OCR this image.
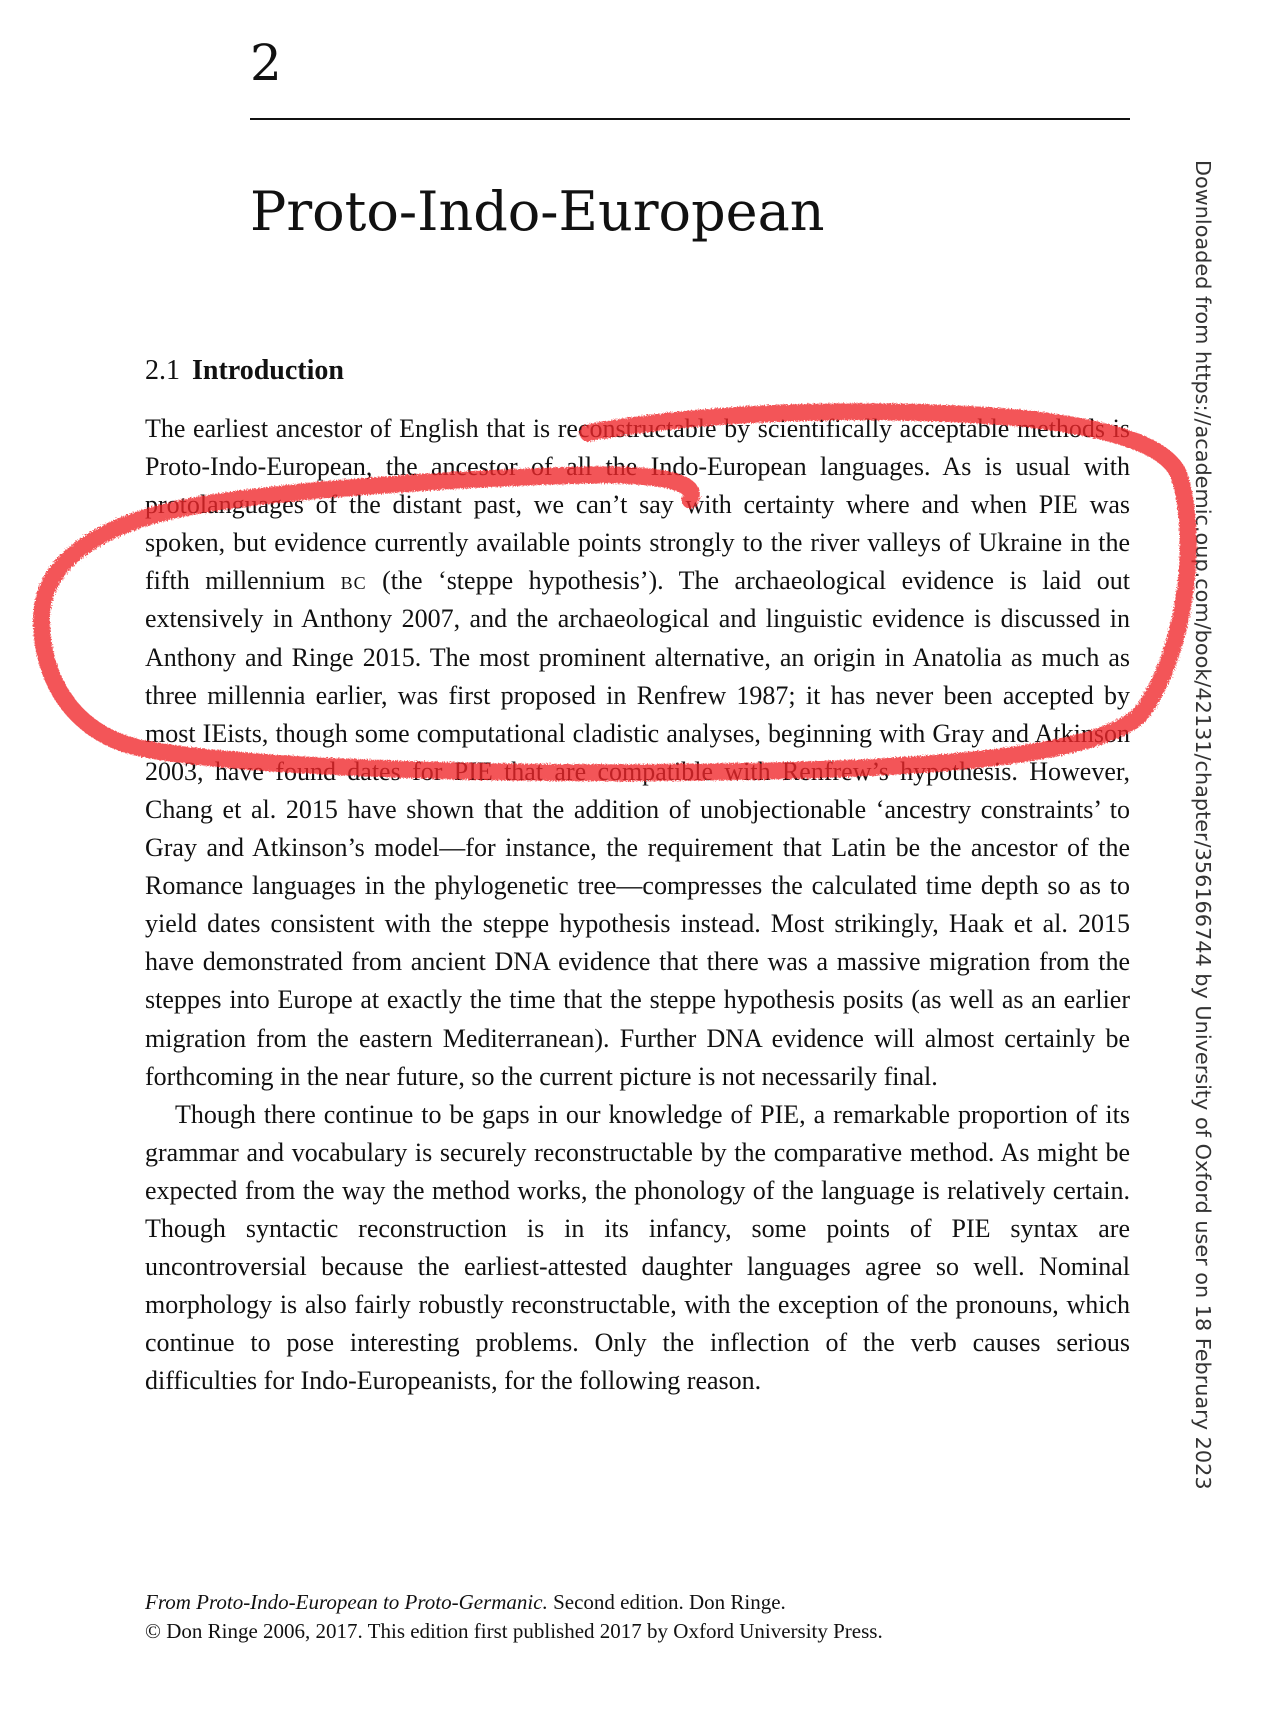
2
Proto-Indo-European
2.1 Introduction

The earliest ancestor of English that is reconstructable by scientifically acceptable methods is Proto-Indo-European, the ancestor of all the Indo-European languages. As is usual with protolanguages of the distant past, we can’t say with certainty where and when PIE was spoken, but evidence currently available points strongly to the river valleys of Ukraine in the fifth millennium bc (the ‘steppe hypothesis’). The archaeological evidence is laid out extensively in Anthony 2007, and the archaeological and linguistic evidence is discussed in Anthony and Ringe 2015. The most prominent alternative, an origin in Anatolia as much as three millennia earlier, was first proposed in Renfrew 1987; it has never been accepted by most IEists, though some computational cladistic analyses, beginning with Gray and Atkinson 2003, have found dates for PIE that are compatible with Renfrew’s hypothesis. However, Chang et al. 2015 have shown that the addition of unobjectionable ‘ancestry constraints’ to Gray and Atkinson’s model—for instance, the requirement that Latin be the ancestor of the Romance languages in the phylogenetic tree—compresses the calculated time depth so as to yield dates consistent with the steppe hypothesis instead. Most strikingly, Haak et al. 2015 have demonstrated from ancient DNA evidence that there was a massive migration from the steppes into Europe at exactly the time that the steppe hypothesis posits (as well as an earlier migration from the eastern Mediterranean). Further DNA evidence will almost certainly be forthcoming in the near future, so the current picture is not necessarily final.

Though there continue to be gaps in our knowledge of PIE, a remarkable proportion of its grammar and vocabulary is securely reconstructable by the comparative method. As might be expected from the way the method works, the phonology of the language is relatively certain. Though syntactic reconstruction is in its infancy, some points of PIE syntax are uncontroversial because the earliest-attested daughter languages agree so well. Nominal morphology is also fairly robustly reconstructable, with the exception of the pronouns, which continue to pose interesting problems. Only the inflection of the verb causes serious difficulties for Indo-Europeanists, for the following reason.

From Proto-Indo-European to Proto-Germanic. Second edition. Don Ringe.
© Don Ringe 2006, 2017. This edition first published 2017 by Oxford University Press.
Downloaded from https://academic.oup.com/book/42131/chapter/356166744 by University of Oxford user on 18 February 2023
